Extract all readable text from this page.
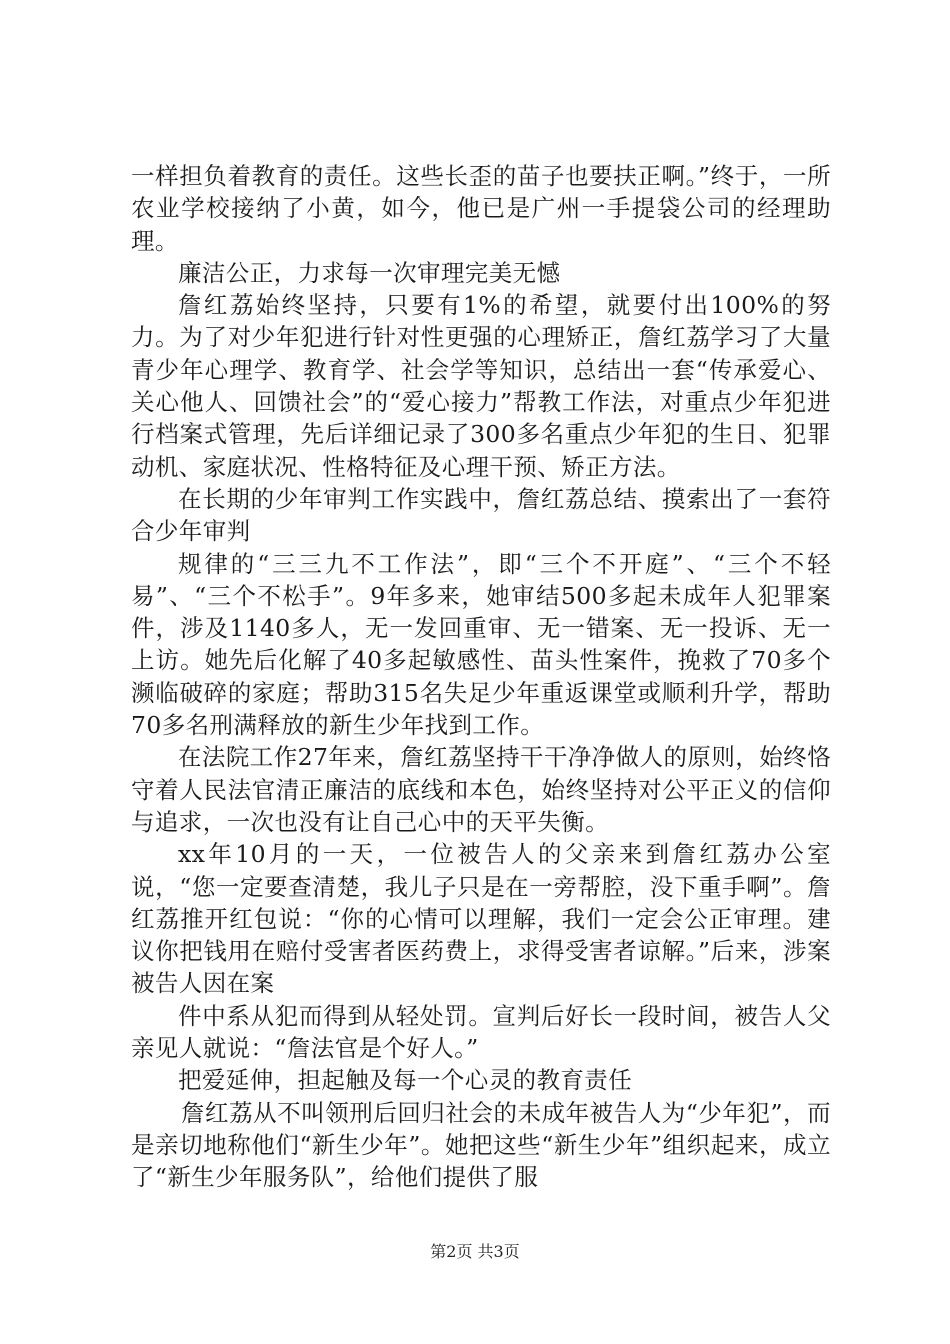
一样担负着教育的责任。这些长歪的苗子也要扶正啊。”终于，一所农业学校接纳了小黄，如今，他已是广州一手提袋公司的经理助理。

廉洁公正，力求每一次审理完美无憾

詹红荔始终坚持，只要有1%的希望，就要付出100%的努力。为了对少年犯进行针对性更强的心理矫正，詹红荔学习了大量青少年心理学、教育学、社会学等知识，总结出一套“传承爱心、关心他人、回馈社会”的“爱心接力”帮教工作法，对重点少年犯进行档案式管理，先后详细记录了300多名重点少年犯的生日、犯罪动机、家庭状况、性格特征及心理干预、矫正方法。

在长期的少年审判工作实践中，詹红荔总结、摸索出了一套符合少年审判

规律的“三三九不工作法”，即“三个不开庭”、“三个不轻易”、“三个不松手”。9年多来，她审结500多起未成年人犯罪案件，涉及1140多人，无一发回重审、无一错案、无一投诉、无一上访。她先后化解了40多起敏感性、苗头性案件，挽救了70多个濒临破碎的家庭；帮助315名失足少年重返课堂或顺利升学，帮助70多名刑满释放的新生少年找到工作。

在法院工作27年来，詹红荔坚持干干净净做人的原则，始终恪守着人民法官清正廉洁的底线和本色，始终坚持对公平正义的信仰与追求，一次也没有让自己心中的天平失衡。

xx年10月的一天，一位被告人的父亲来到詹红荔办公室说，“您一定要查清楚，我儿子只是在一旁帮腔，没下重手啊”。詹红荔推开红包说：“你的心情可以理解，我们一定会公正审理。建议你把钱用在赔付受害者医药费上，求得受害者谅解。”后来，涉案被告人因在案

件中系从犯而得到从轻处罚。宣判后好长一段时间，被告人父亲见人就说：“詹法官是个好人。”

把爱延伸，担起触及每一个心灵的教育责任

詹红荔从不叫领刑后回归社会的未成年被告人为“少年犯”，而是亲切地称他们“新生少年”。她把这些“新生少年”组织起来，成立了“新生少年服务队”，给他们提供了服

第2页 共3页
